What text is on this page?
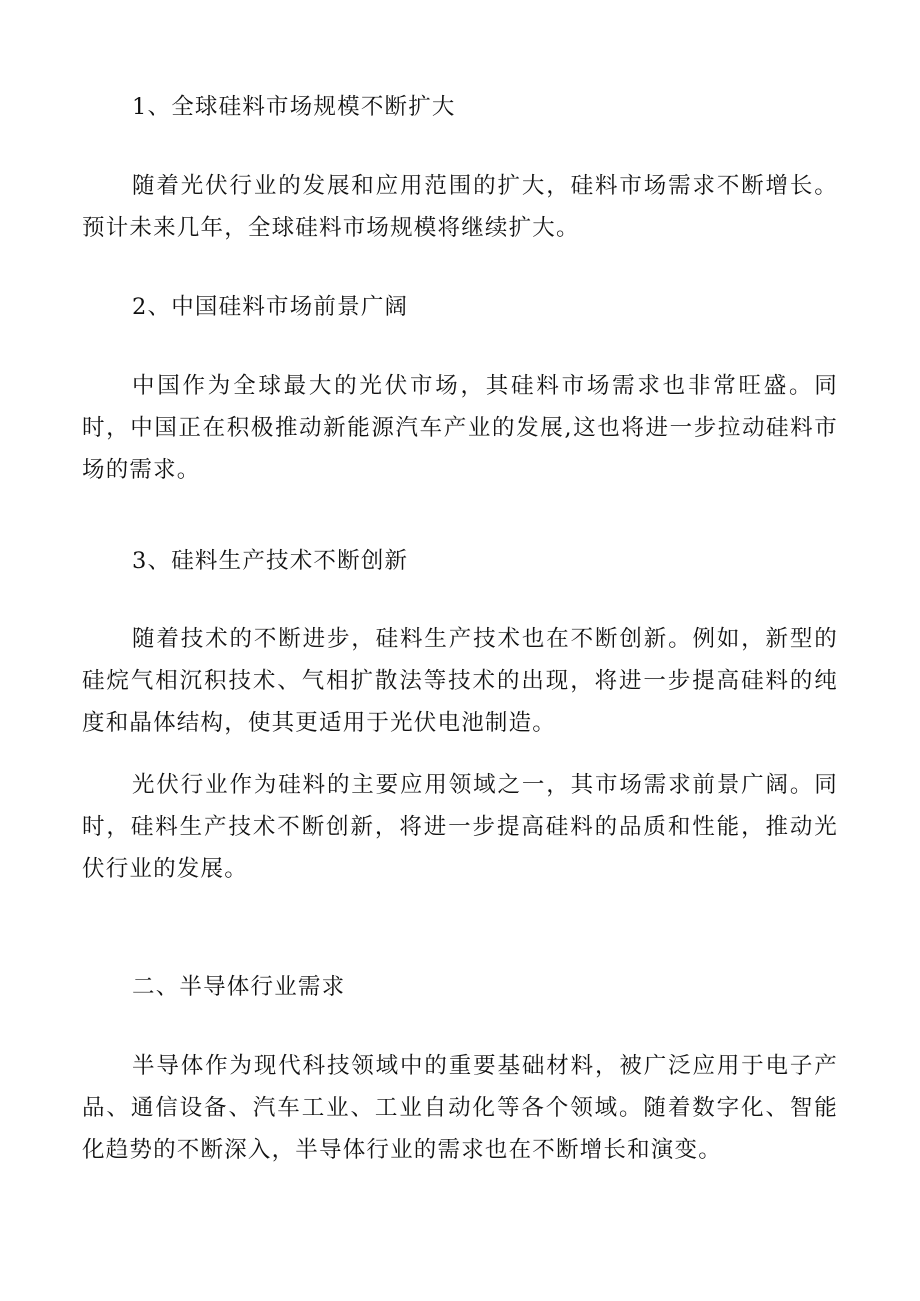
1、全球硅料市场规模不断扩大

随着光伏行业的发展和应用范围的扩大，硅料市场需求不断增长。预计未来几年，全球硅料市场规模将继续扩大。

2、中国硅料市场前景广阔

中国作为全球最大的光伏市场，其硅料市场需求也非常旺盛。同时，中国正在积极推动新能源汽车产业的发展,这也将进一步拉动硅料市场的需求。

3、硅料生产技术不断创新

随着技术的不断进步，硅料生产技术也在不断创新。例如，新型的硅烷气相沉积技术、气相扩散法等技术的出现，将进一步提高硅料的纯度和晶体结构，使其更适用于光伏电池制造。

光伏行业作为硅料的主要应用领域之一，其市场需求前景广阔。同时，硅料生产技术不断创新，将进一步提高硅料的品质和性能，推动光伏行业的发展。

二、半导体行业需求

半导体作为现代科技领域中的重要基础材料，被广泛应用于电子产品、通信设备、汽车工业、工业自动化等各个领域。随着数字化、智能化趋势的不断深入，半导体行业的需求也在不断增长和演变。
